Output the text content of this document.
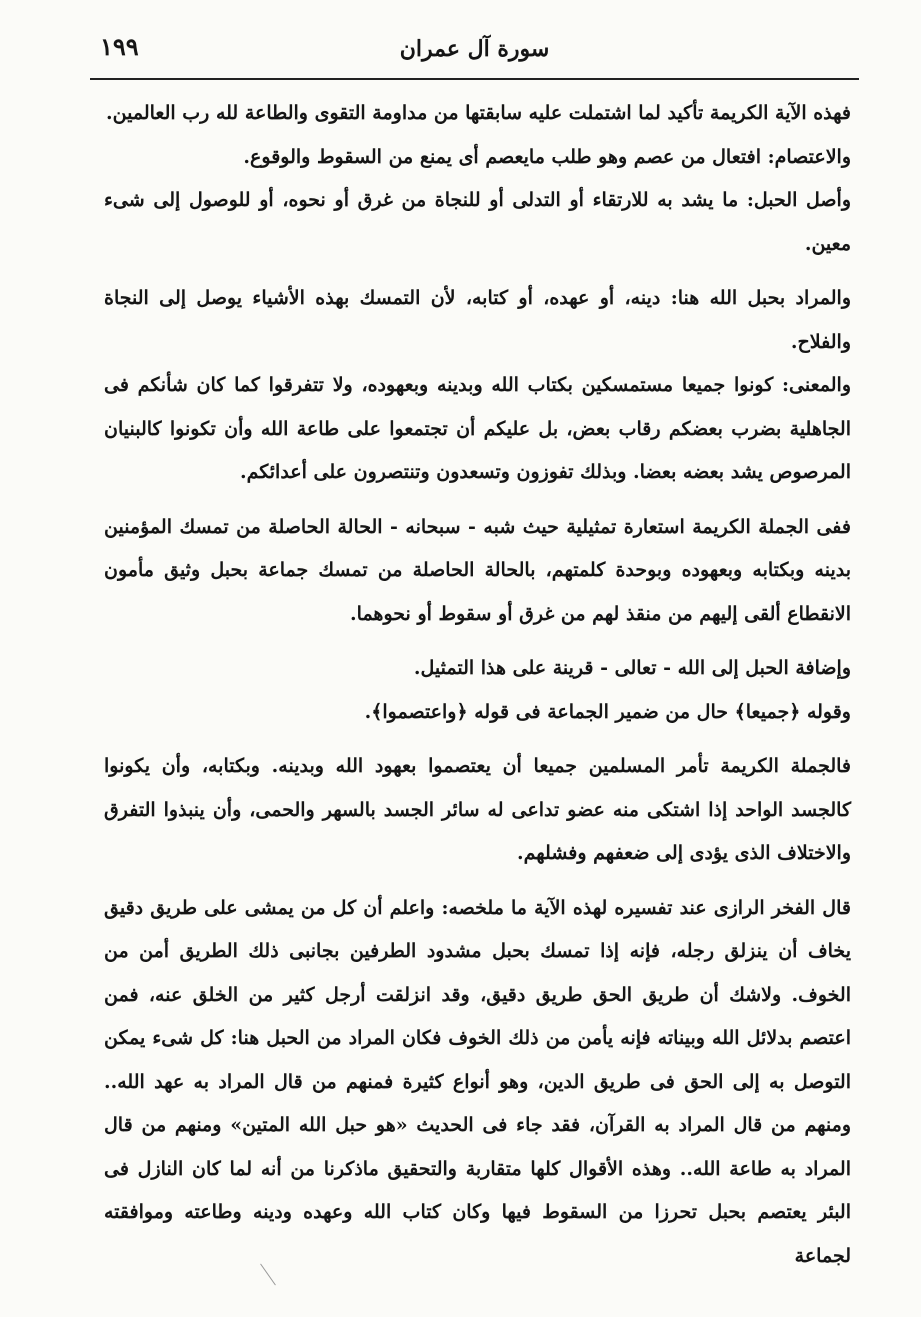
١٩٩	سورة آل عمران

فهذه الآية الكريمة تأكيد لما اشتملت عليه سابقتها من مداومة التقوى والطاعة لله رب العالمين.

والاعتصام: افتعال من عصم وهو طلب مايعصم أى يمنع من السقوط والوقوع.

وأصل الحبل: ما يشد به للارتقاء أو التدلى أو للنجاة من غرق أو نحوه، أو للوصول إلى شىء معين.

والمراد بحبل الله هنا: دينه، أو عهده، أو كتابه، لأن التمسك بهذه الأشياء يوصل إلى النجاة والفلاح.

والمعنى: كونوا جميعا مستمسكين بكتاب الله وبدينه وبعهوده، ولا تتفرقوا كما كان شأنكم فى الجاهلية بضرب بعضكم رقاب بعض، بل عليكم أن تجتمعوا على طاعة الله وأن تكونوا كالبنيان المرصوص يشد بعضه بعضا. وبذلك تفوزون وتسعدون وتنتصرون على أعدائكم.

ففى الجملة الكريمة استعارة تمثيلية حيث شبه - سبحانه - الحالة الحاصلة من تمسك المؤمنين بدينه وبكتابه وبعهوده وبوحدة كلمتهم، بالحالة الحاصلة من تمسك جماعة بحبل وثيق مأمون الانقطاع ألقى إليهم من منقذ لهم من غرق أو سقوط أو نحوهما.

وإضافة الحبل إلى الله - تعالى - قرينة على هذا التمثيل.

وقوله ﴿جميعا﴾ حال من ضمير الجماعة فى قوله ﴿واعتصموا﴾.

فالجملة الكريمة تأمر المسلمين جميعا أن يعتصموا بعهود الله وبدينه. وبكتابه، وأن يكونوا كالجسد الواحد إذا اشتكى منه عضو تداعى له سائر الجسد بالسهر والحمى، وأن ينبذوا التفرق والاختلاف الذى يؤدى إلى ضعفهم وفشلهم.

قال الفخر الرازى عند تفسيره لهذه الآية ما ملخصه: واعلم أن كل من يمشى على طريق دقيق يخاف أن ينزلق رجله، فإنه إذا تمسك بحبل مشدود الطرفين بجانبى ذلك الطريق أمن من الخوف. ولاشك أن طريق الحق طريق دقيق، وقد انزلقت أرجل كثير من الخلق عنه، فمن اعتصم بدلائل الله وبيناته فإنه يأمن من ذلك الخوف فكان المراد من الحبل هنا: كل شىء يمكن التوصل به إلى الحق فى طريق الدين، وهو أنواع كثيرة فمنهم من قال المراد به عهد الله.. ومنهم من قال المراد به القرآن، فقد جاء فى الحديث «هو حبل الله المتين» ومنهم من قال المراد به طاعة الله.. وهذه الأقوال كلها متقاربة والتحقيق ماذكرنا من أنه لما كان النازل فى البئر يعتصم بحبل تحرزا من السقوط فيها وكان كتاب الله وعهده ودينه وطاعته وموافقته لجماعة
